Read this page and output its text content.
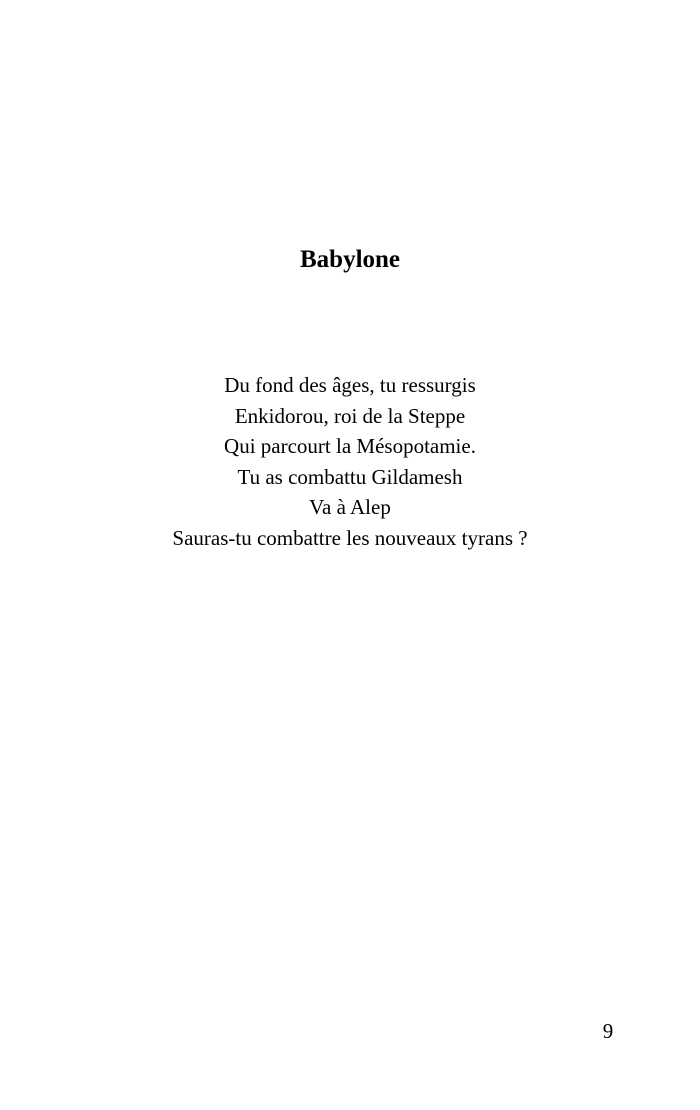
Babylone
Du fond des âges, tu ressurgis
Enkidorou, roi de la Steppe
Qui parcourt la Mésopotamie.
Tu as combattu Gildamesh
Va à Alep
Sauras-tu combattre les nouveaux tyrans ?
9
